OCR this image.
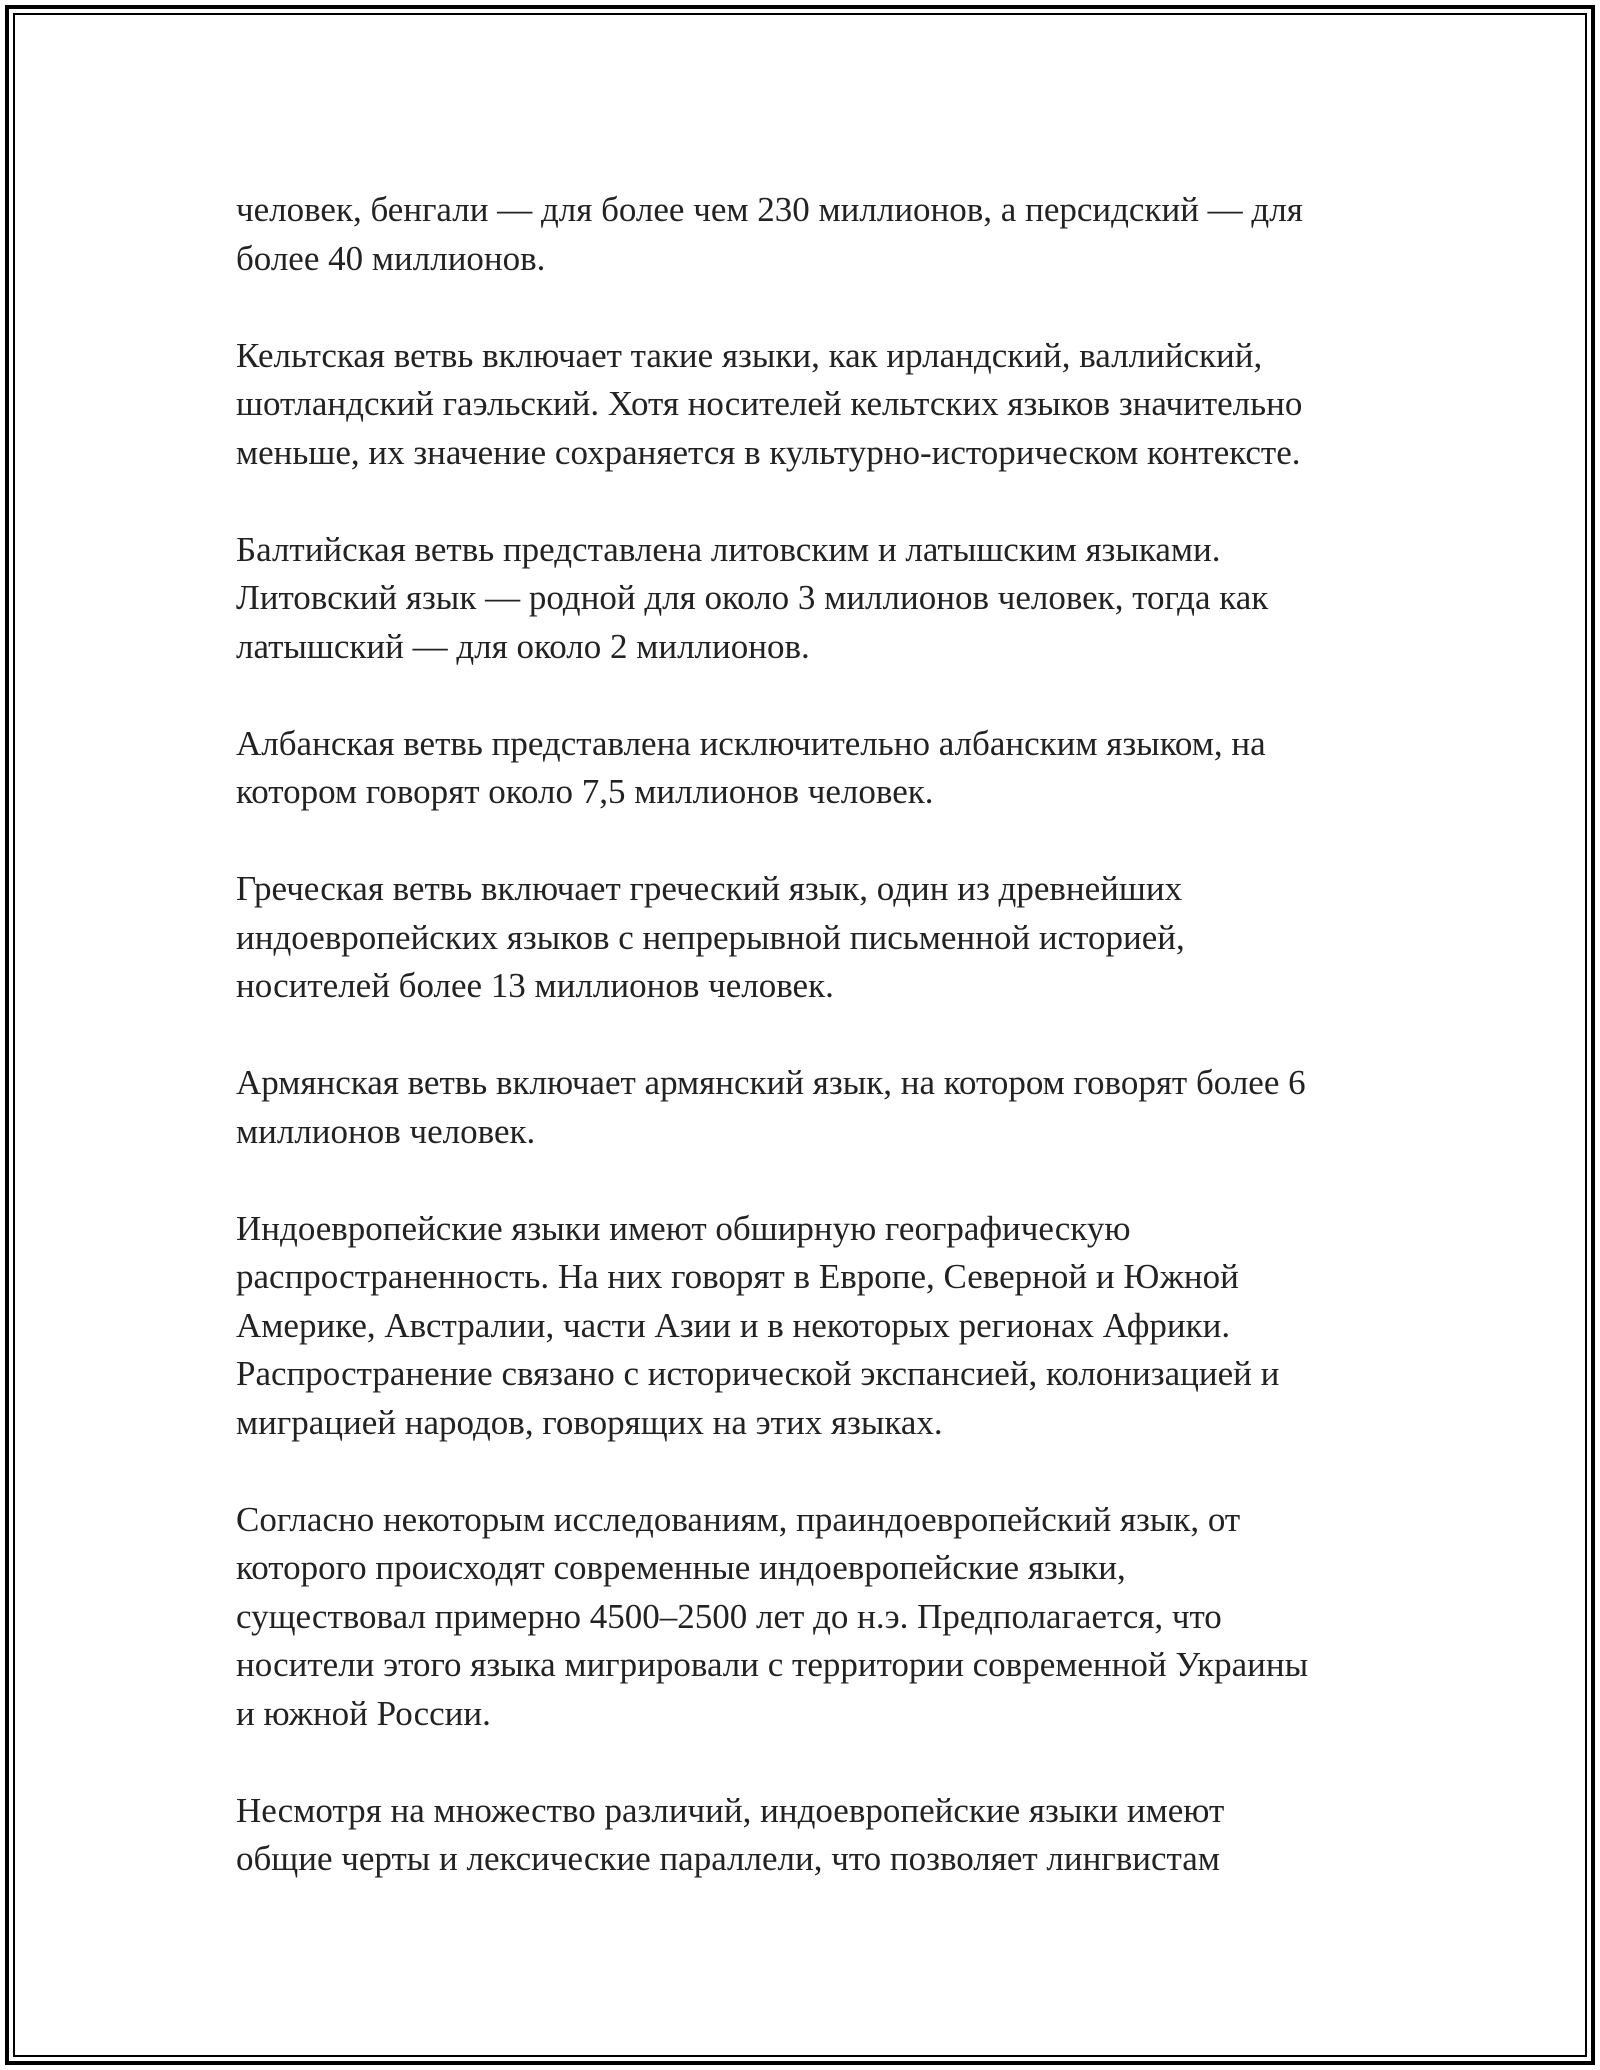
человек, бенгали — для более чем 230 миллионов, а персидский — для
более 40 миллионов.

Кельтская ветвь включает такие языки, как ирландский, валлийский,
шотландский гаэльский. Хотя носителей кельтских языков значительно
меньше, их значение сохраняется в культурно-историческом контексте.

Балтийская ветвь представлена литовским и латышским языками.
Литовский язык — родной для около 3 миллионов человек, тогда как
латышский — для около 2 миллионов.

Албанская ветвь представлена исключительно албанским языком, на
котором говорят около 7,5 миллионов человек.

Греческая ветвь включает греческий язык, один из древнейших
индоевропейских языков с непрерывной письменной историей,
носителей более 13 миллионов человек.

Армянская ветвь включает армянский язык, на котором говорят более 6
миллионов человек.

Индоевропейские языки имеют обширную географическую
распространенность. На них говорят в Европе, Северной и Южной
Америке, Австралии, части Азии и в некоторых регионах Африки.
Распространение связано с исторической экспансией, колонизацией и
миграцией народов, говорящих на этих языках.

Согласно некоторым исследованиям, праиндоевропейский язык, от
которого происходят современные индоевропейские языки,
существовал примерно 4500–2500 лет до н.э. Предполагается, что
носители этого языка мигрировали с территории современной Украины
и южной России.

Несмотря на множество различий, индоевропейские языки имеют
общие черты и лексические параллели, что позволяет лингвистам
